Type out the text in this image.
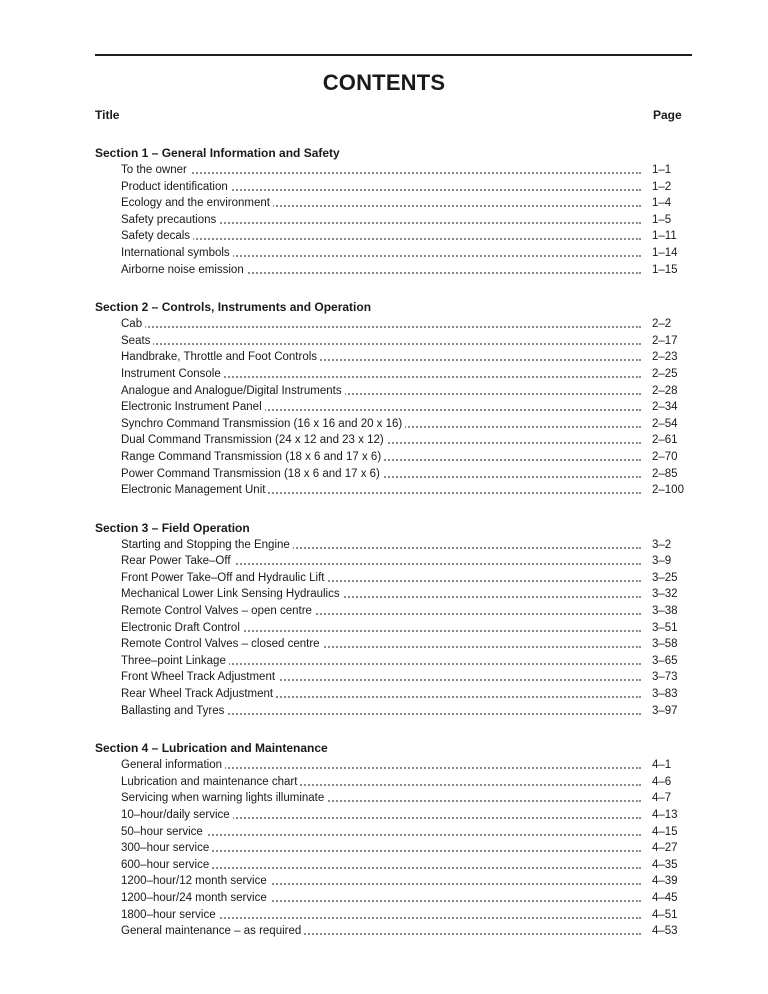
CONTENTS
Title	Page
Section 1 – General Information and Safety
To the owner	1–1
Product identification	1–2
Ecology and the environment	1–4
Safety precautions	1–5
Safety decals	1–11
International symbols	1–14
Airborne noise emission	1–15
Section 2 – Controls, Instruments and Operation
Cab	2–2
Seats	2–17
Handbrake, Throttle and Foot Controls	2–23
Instrument Console	2–25
Analogue and Analogue/Digital Instruments	2–28
Electronic Instrument Panel	2–34
Synchro Command Transmission (16 x 16 and 20 x 16)	2–54
Dual Command Transmission (24 x 12 and 23 x 12)	2–61
Range Command Transmission (18 x 6 and 17 x 6)	2–70
Power Command Transmission (18 x 6 and 17 x 6)	2–85
Electronic Management Unit	2–100
Section 3 – Field Operation
Starting and Stopping the Engine	3–2
Rear Power Take–Off	3–9
Front Power Take–Off and Hydraulic Lift	3–25
Mechanical Lower Link Sensing Hydraulics	3–32
Remote Control Valves – open centre	3–38
Electronic Draft Control	3–51
Remote Control Valves – closed centre	3–58
Three–point Linkage	3–65
Front Wheel Track Adjustment	3–73
Rear Wheel Track Adjustment	3–83
Ballasting and Tyres	3–97
Section 4 – Lubrication and Maintenance
General information	4–1
Lubrication and maintenance chart	4–6
Servicing when warning lights illuminate	4–7
10–hour/daily service	4–13
50–hour service	4–15
300–hour service	4–27
600–hour service	4–35
1200–hour/12 month service	4–39
1200–hour/24 month service	4–45
1800–hour service	4–51
General maintenance – as required	4–53
